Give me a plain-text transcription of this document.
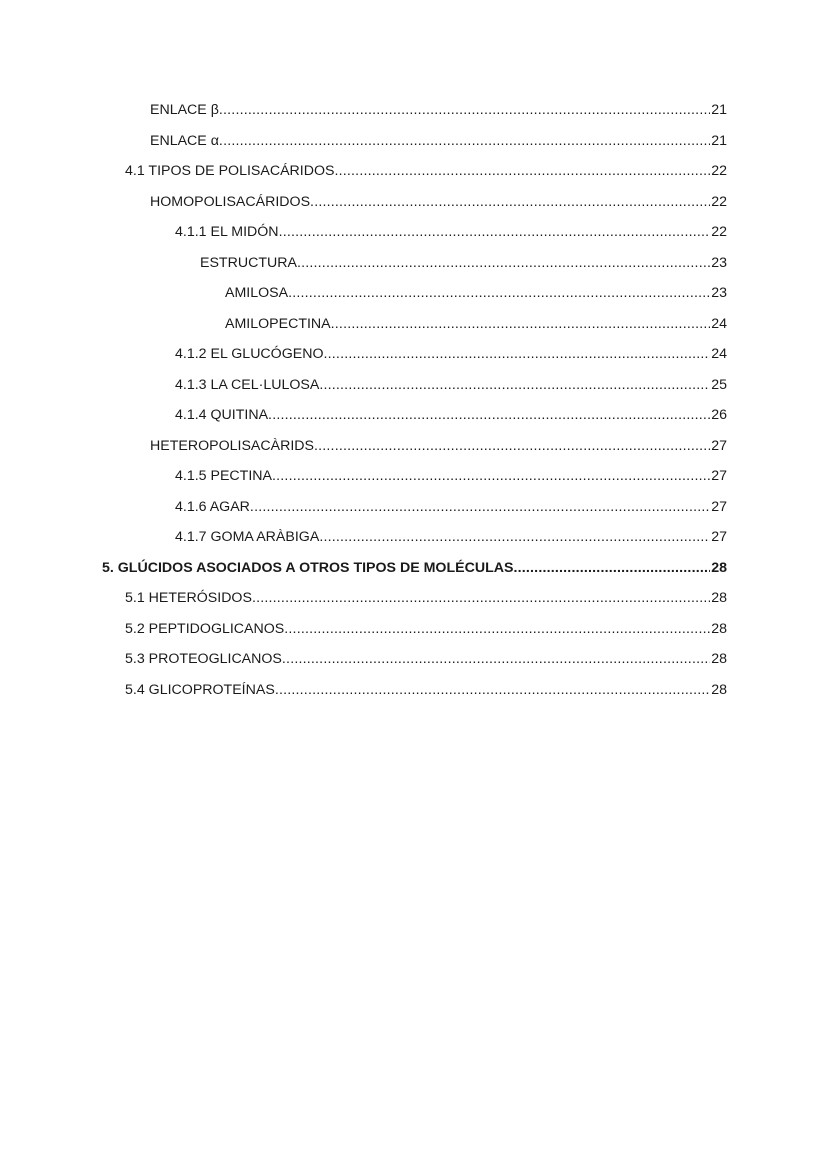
ENLACE β .....	21
ENLACE α .....	21
4.1 TIPOS DE POLISACÁRIDOS .....	22
HOMOPOLISACÁRIDOS .....	22
4.1.1 EL MIDÓN .....	22
ESTRUCTURA .....	23
AMILOSA .....	23
AMILOPECTINA .....	24
4.1.2 EL GLUCÓGENO .....	24
4.1.3 LA CEL·LULOSA .....	25
4.1.4 QUITINA .....	26
HETEROPOLISACÀRIDS .....	27
4.1.5 PECTINA .....	27
4.1.6 AGAR .....	27
4.1.7 GOMA ARÀBIGA .....	27
5. GLÚCIDOS ASOCIADOS A OTROS TIPOS DE MOLÉCULAS .....	28
5.1 HETERÓSIDOS .....	28
5.2 PEPTIDOGLICANOS .....	28
5.3 PROTEOGLICANOS .....	28
5.4 GLICOPROTEÍNAS .....	28
